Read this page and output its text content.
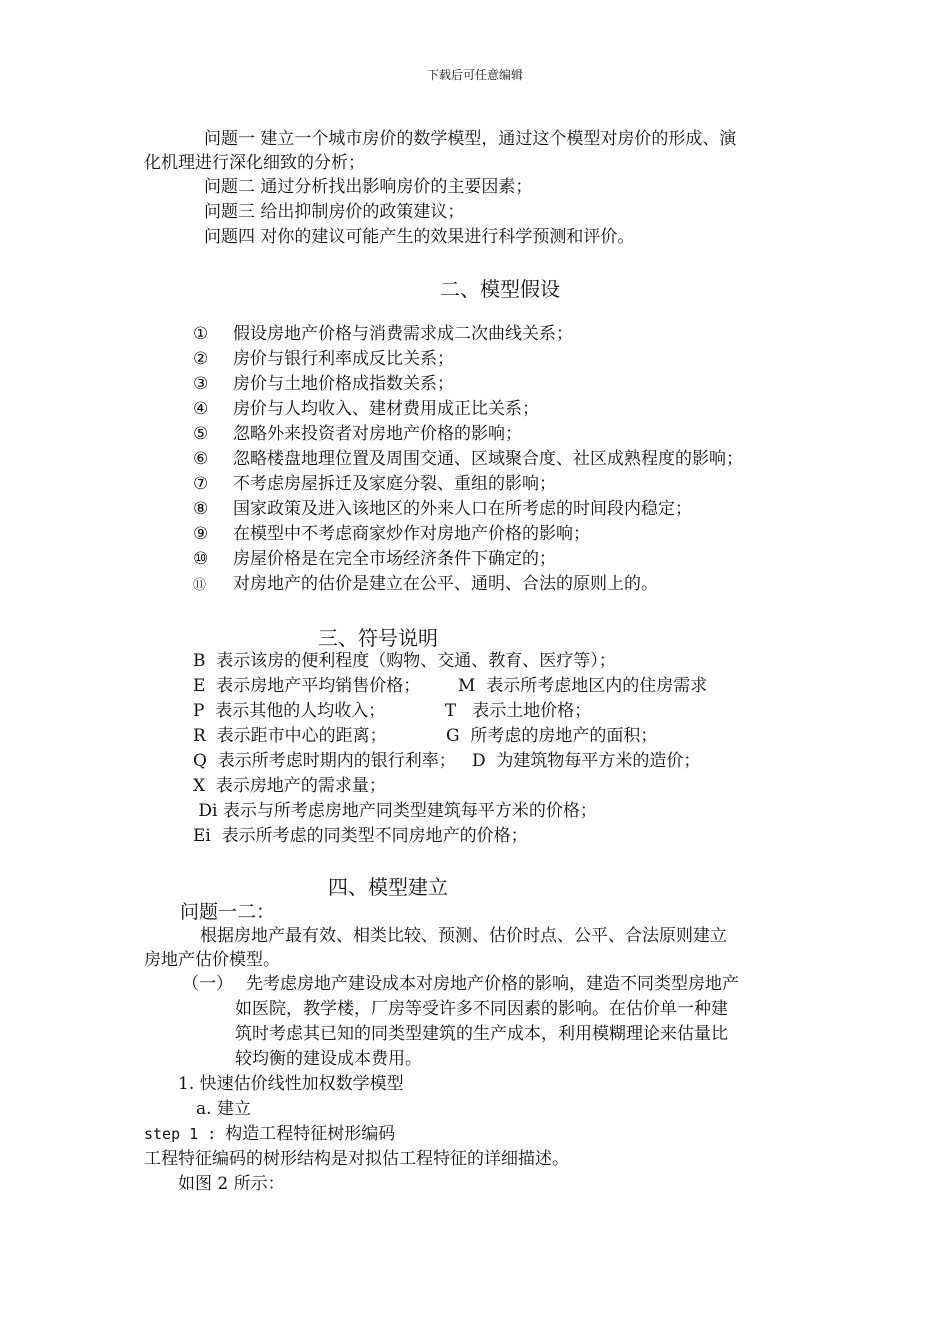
下载后可任意编辑
问题一 建立一个城市房价的数学模型，通过这个模型对房价的形成、演
化机理进行深化细致的分析；
问题二 通过分析找出影响房价的主要因素；
问题三 给出抑制房价的政策建议；
问题四 对你的建议可能产生的效果进行科学预测和评价。
二、模型假设
① 假设房地产价格与消费需求成二次曲线关系；
② 房价与银行利率成反比关系；
③ 房价与土地价格成指数关系；
④ 房价与人均收入、建材费用成正比关系；
⑤ 忽略外来投资者对房地产价格的影响；
⑥ 忽略楼盘地理位置及周围交通、区域聚合度、社区成熟程度的影响；
⑦ 不考虑房屋拆迁及家庭分裂、重组的影响；
⑧ 国家政策及进入该地区的外来人口在所考虑的时间段内稳定；
⑨ 在模型中不考虑商家炒作对房地产价格的影响；
⑩ 房屋价格是在完全市场经济条件下确定的；
⑪ 对房地产的估价是建立在公平、通明、合法的原则上的。
三、符号说明
B  表示该房的便利程度（购物、交通、教育、医疗等）；
E  表示房地产平均销售价格；       M  表示所考虑地区内的住房需求
P  表示其他的人均收入；           T   表示土地价格；
R  表示距市中心的距离；           G  所考虑的房地产的面积；
Q  表示所考虑时期内的银行利率；   D  为建筑物每平方米的造价；
X  表示房地产的需求量；
Di 表示与所考虑房地产同类型建筑每平方米的价格；
Ei  表示所考虑的同类型不同房地产的价格；
四、模型建立
问题一二：
根据房地产最有效、相类比较、预测、估价时点、公平、合法原则建立
房地产估价模型。
（一） 先考虑房地产建设成本对房地产价格的影响，建造不同类型房地产
如医院，教学楼，厂房等受许多不同因素的影响。在估价单一种建
筑时考虑其已知的同类型建筑的生产成本，利用模糊理论来估量比
较均衡的建设成本费用。
1. 快速估价线性加权数学模型
a. 建立
step 1 : 构造工程特征树形编码
工程特征编码的树形结构是对拟估工程特征的详细描述。
如图 2 所示：
